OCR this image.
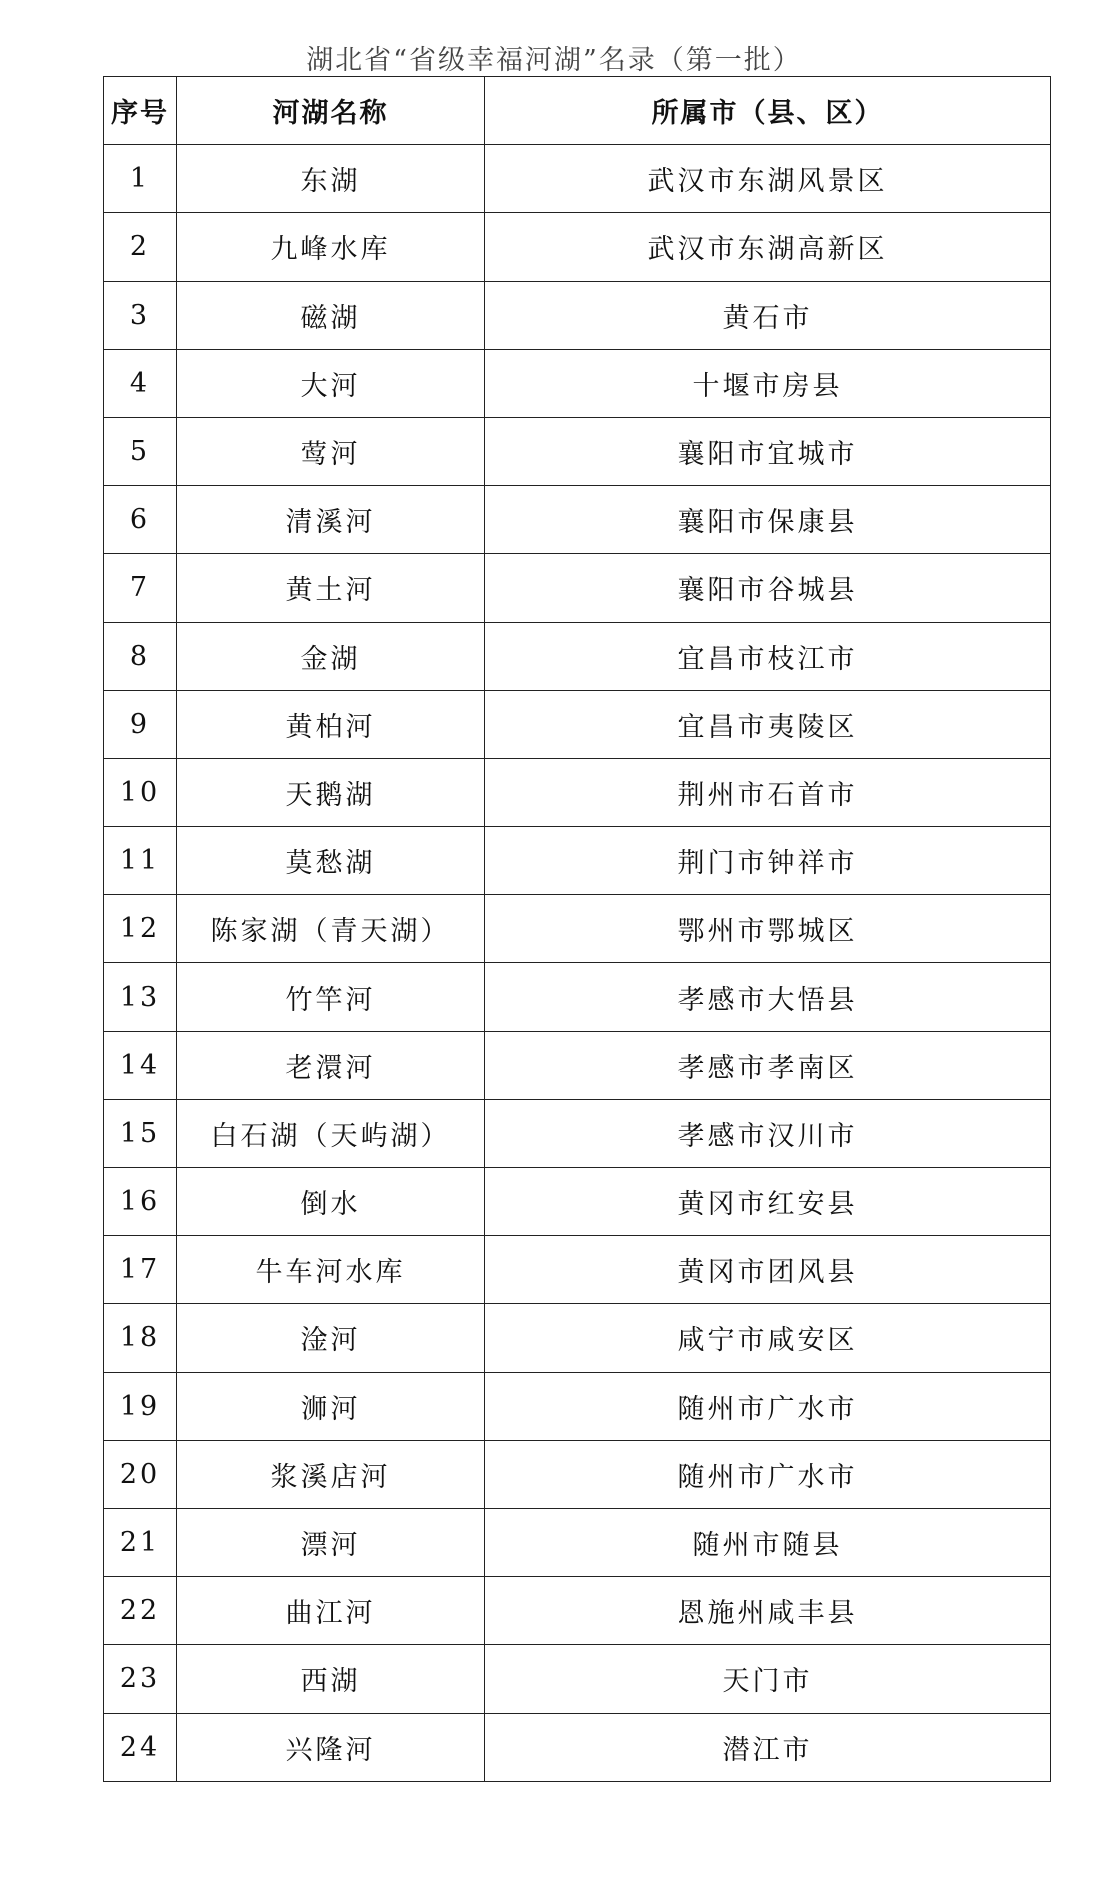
湖北省“省级幸福河湖”名录（第一批）
序号	河湖名称	所属市（县、区）
1	东湖	武汉市东湖风景区
2	九峰水库	武汉市东湖高新区
3	磁湖	黄石市
4	大河	十堰市房县
5	莺河	襄阳市宜城市
6	清溪河	襄阳市保康县
7	黄土河	襄阳市谷城县
8	金湖	宜昌市枝江市
9	黄柏河	宜昌市夷陵区
10	天鹅湖	荆州市石首市
11	莫愁湖	荆门市钟祥市
12	陈家湖（青天湖）	鄂州市鄂城区
13	竹竿河	孝感市大悟县
14	老澴河	孝感市孝南区
15	白石湖（天屿湖）	孝感市汉川市
16	倒水	黄冈市红安县
17	牛车河水库	黄冈市团风县
18	淦河	咸宁市咸安区
19	浉河	随州市广水市
20	浆溪店河	随州市广水市
21	漂河	随州市随县
22	曲江河	恩施州咸丰县
23	西湖	天门市
24	兴隆河	潜江市
